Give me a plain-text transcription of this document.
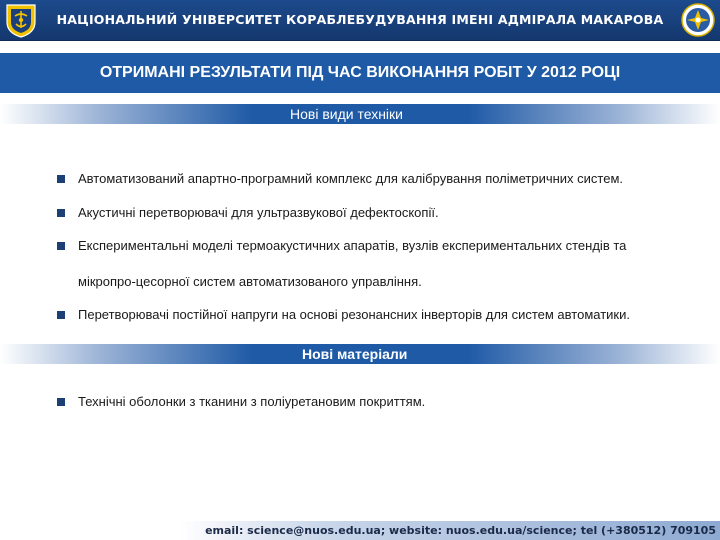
НАЦІОНАЛЬНИЙ УНІВЕРСИТЕТ КОРАБЛЕБУДУВАННЯ ІМЕНІ АДМІРАЛА МАКАРОВА
ОТРИМАНІ РЕЗУЛЬТАТИ ПІД ЧАС ВИКОНАННЯ РОБІТ У 2012 РОЦІ
Нові види техніки
Автоматизований апартно-програмний комплекс для калібрування поліметричних систем.
Акустичні перетворювачі для ультразвукової дефектоскопії.
Експериментальні моделі термоакустичних апаратів, вузлів експериментальних стендів та
мікропро-цесорної систем автоматизованого управління.
Перетворювачі постійної напруги на основі резонансних інверторів для систем автоматики.
Нові матеріали
Технічні оболонки з тканини з поліуретановим покриттям.
email: science@nuos.edu.ua; website: nuos.edu.ua/science; tel (+380512) 709105
